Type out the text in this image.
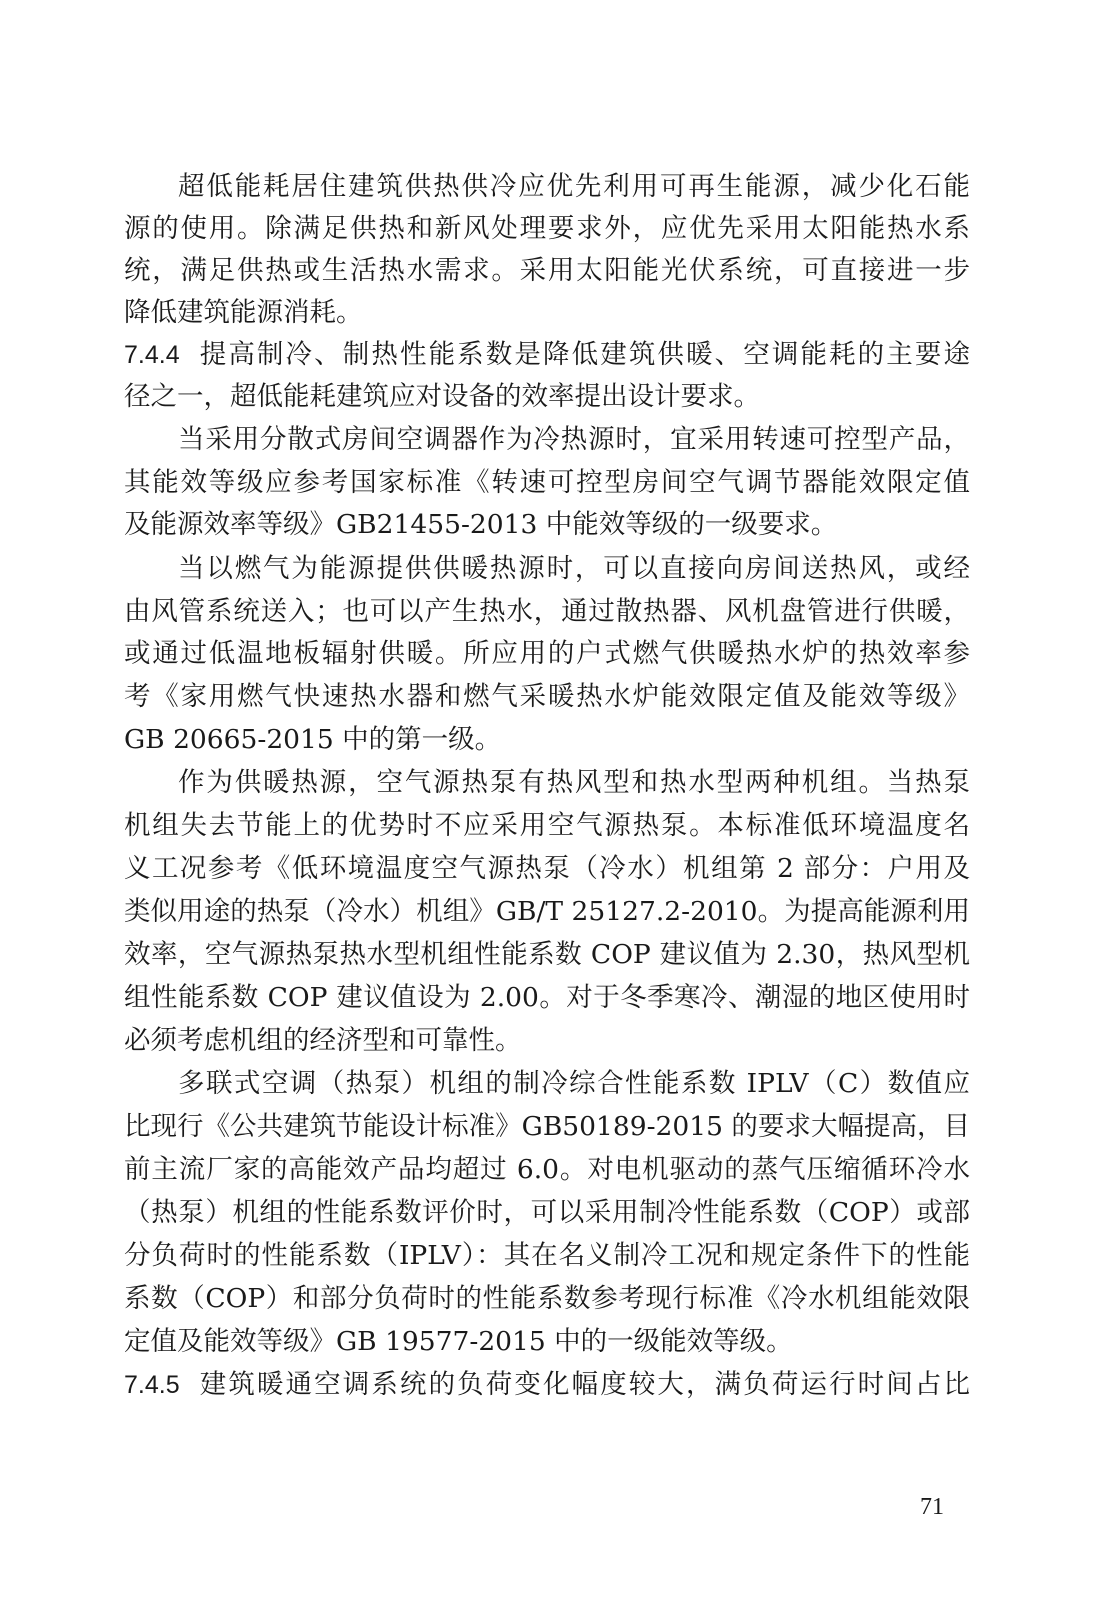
超低能耗居住建筑供热供冷应优先利用可再生能源，减少化石能
源的使用。除满足供热和新风处理要求外，应优先采用太阳能热水系
统，满足供热或生活热水需求。采用太阳能光伏系统，可直接进一步
降低建筑能源消耗。
7.4.4 提高制冷、制热性能系数是降低建筑供暖、空调能耗的主要途
径之一，超低能耗建筑应对设备的效率提出设计要求。
当采用分散式房间空调器作为冷热源时，宜采用转速可控型产品，
其能效等级应参考国家标准《转速可控型房间空气调节器能效限定值
及能源效率等级》GB21455-2013 中能效等级的一级要求。
当以燃气为能源提供供暖热源时，可以直接向房间送热风，或经
由风管系统送入；也可以产生热水，通过散热器、风机盘管进行供暖，
或通过低温地板辐射供暖。所应用的户式燃气供暖热水炉的热效率参
考《家用燃气快速热水器和燃气采暖热水炉能效限定值及能效等级》
GB 20665-2015 中的第一级。
作为供暖热源，空气源热泵有热风型和热水型两种机组。当热泵
机组失去节能上的优势时不应采用空气源热泵。本标准低环境温度名
义工况参考《低环境温度空气源热泵（冷水）机组第 2 部分：户用及
类似用途的热泵（冷水）机组》GB/T 25127.2-2010。为提高能源利用
效率，空气源热泵热水型机组性能系数 COP 建议值为 2.30，热风型机
组性能系数 COP 建议值设为 2.00。对于冬季寒冷、潮湿的地区使用时
必须考虑机组的经济型和可靠性。
多联式空调（热泵）机组的制冷综合性能系数 IPLV（C）数值应
比现行《公共建筑节能设计标准》GB50189-2015 的要求大幅提高，目
前主流厂家的高能效产品均超过 6.0。对电机驱动的蒸气压缩循环冷水
（热泵）机组的性能系数评价时，可以采用制冷性能系数（COP）或部
分负荷时的性能系数（IPLV）：其在名义制冷工况和规定条件下的性能
系数（COP）和部分负荷时的性能系数参考现行标准《冷水机组能效限
定值及能效等级》GB 19577-2015 中的一级能效等级。
7.4.5 建筑暖通空调系统的负荷变化幅度较大，满负荷运行时间占比
71
